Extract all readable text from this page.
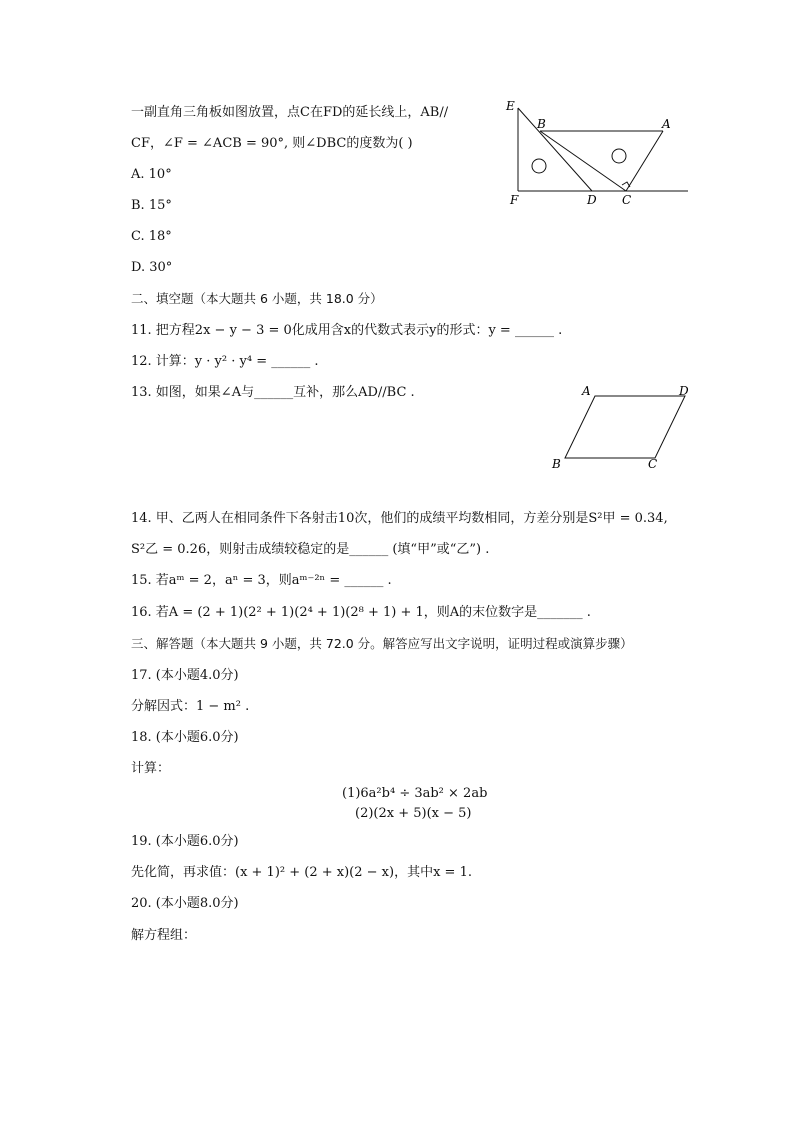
一副直角三角板如图放置，点C在FD的延长线上，AB//
CF，∠F = ∠ACB = 90°, 则∠DBC的度数为( )
A. 10°
B. 15°
C. 18°
D. 30°
E
B	A
F	D C
二、填空题（本大题共 6 小题，共 18.0 分）
11. 把方程2x − y − 3 = 0化成用含x的代数式表示y的形式：y = ______ .
12. 计算：y · y² · y⁴ = ______ .
13. 如图，如果∠A与______互补，那么AD//BC .	A	D
B	C
14. 甲、乙两人在相同条件下各射击10次，他们的成绩平均数相同，方差分别是S²甲 = 0.34,
S²乙 = 0.26，则射击成绩较稳定的是______ (填“甲”或“乙”) .
15. 若aᵐ = 2，aⁿ = 3，则aᵐ⁻²ⁿ = ______ .
16. 若A = (2 + 1)(2² + 1)(2⁴ + 1)(2⁸ + 1) + 1，则A的末位数字是_______ .
三、解答题（本大题共 9 小题，共 72.0 分。解答应写出文字说明，证明过程或演算步骤）
17. (本小题4.0分)
分解因式：1 − m² .
18. (本小题6.0分)
计算：
(1)6a²b⁴ ÷ 3ab² × 2ab
(2)(2x + 5)(x − 5)
19. (本小题6.0分)
先化简，再求值：(x + 1)² + (2 + x)(2 − x)，其中x = 1.
20. (本小题8.0分)
解方程组：
